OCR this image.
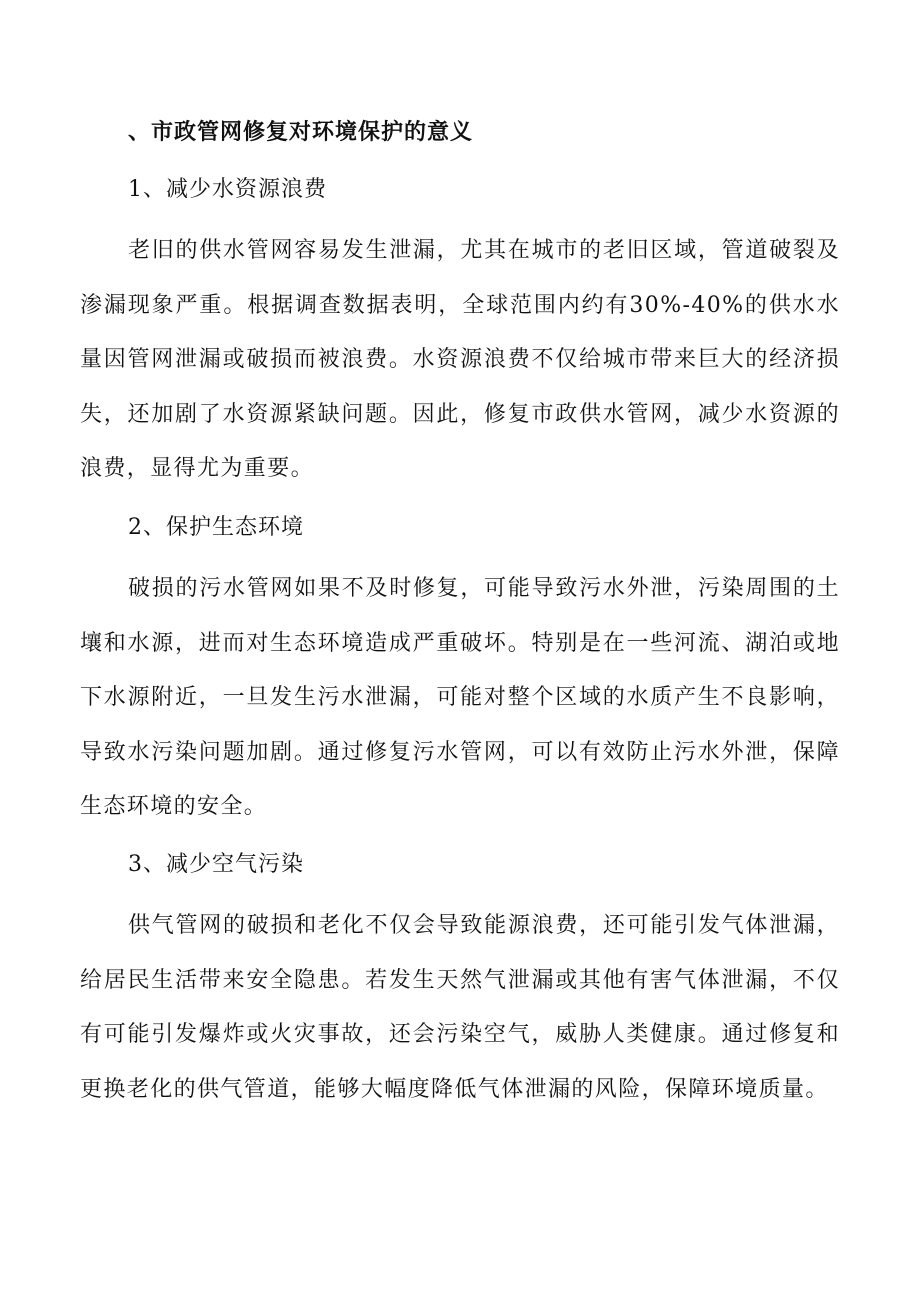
、市政管网修复对环境保护的意义
1、减少水资源浪费
老旧的供水管网容易发生泄漏，尤其在城市的老旧区域，管道破裂及渗漏现象严重。根据调查数据表明，全球范围内约有30%-40%的供水水量因管网泄漏或破损而被浪费。水资源浪费不仅给城市带来巨大的经济损失，还加剧了水资源紧缺问题。因此，修复市政供水管网，减少水资源的浪费，显得尤为重要。
2、保护生态环境
破损的污水管网如果不及时修复，可能导致污水外泄，污染周围的土壤和水源，进而对生态环境造成严重破坏。特别是在一些河流、湖泊或地下水源附近，一旦发生污水泄漏，可能对整个区域的水质产生不良影响，导致水污染问题加剧。通过修复污水管网，可以有效防止污水外泄，保障生态环境的安全。
3、减少空气污染
供气管网的破损和老化不仅会导致能源浪费，还可能引发气体泄漏，给居民生活带来安全隐患。若发生天然气泄漏或其他有害气体泄漏，不仅有可能引发爆炸或火灾事故，还会污染空气，威胁人类健康。通过修复和更换老化的供气管道，能够大幅度降低气体泄漏的风险，保障环境质量。
